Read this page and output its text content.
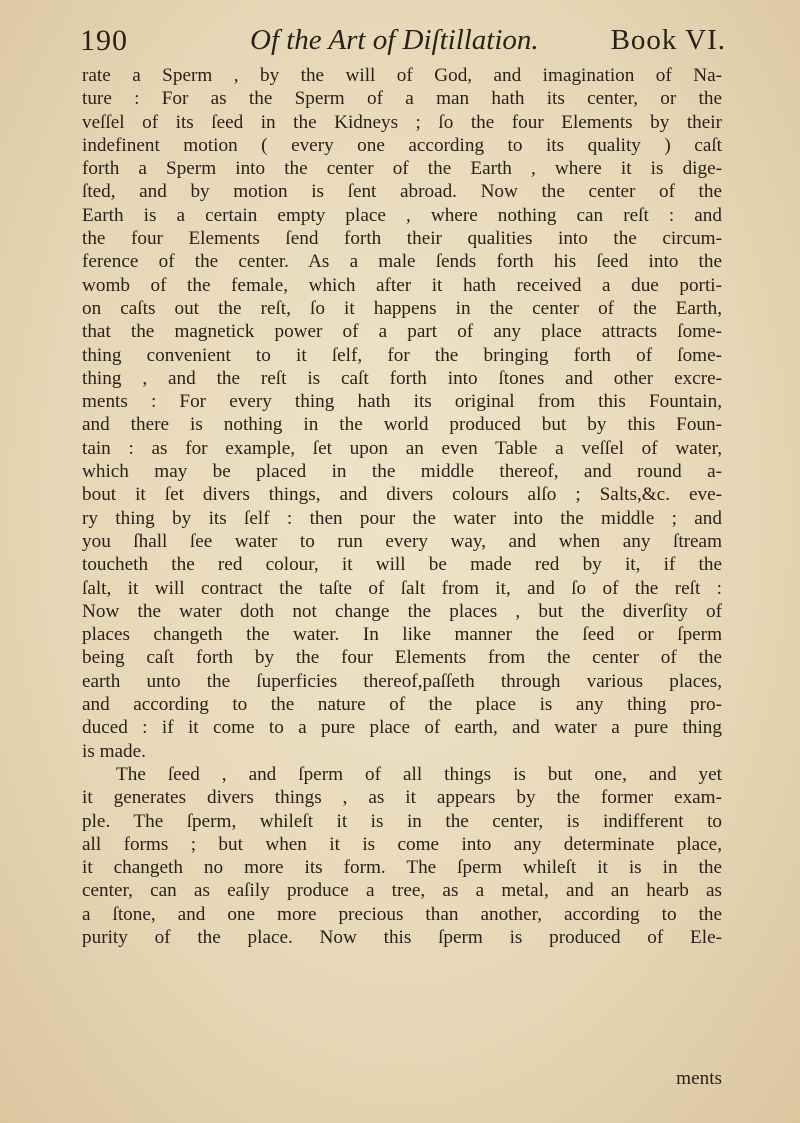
190	Of the Art of Diſtillation. Book VI.
rate a Sperm , by the will of God, and imagination of Na-
ture : For as the Sperm of a man hath its center, or the
veſſel of its ſeed in the Kidneys ; ſo the four Elements by their
indefinent motion ( every one according to its quality ) caſt
forth a Sperm into the center of the Earth , where it is dige-
ſted, and by motion is ſent abroad. Now the center of the
Earth is a certain empty place , where nothing can reſt : and
the four Elements ſend forth their qualities into the circum-
ference of the center. As a male ſends forth his ſeed into the
womb of the female, which after it hath received a due porti-
on caſts out the reſt, ſo it happens in the center of the Earth,
that the magnetick power of a part of any place attracts ſome-
thing convenient to it ſelf, for the bringing forth of ſome-
thing , and the reſt is caſt forth into ſtones and other excre-
ments : For every thing hath its original from this Fountain,
and there is nothing in the world produced but by this Foun-
tain : as for example, ſet upon an even Table a veſſel of water,
which may be placed in the middle thereof, and round a-
bout it ſet divers things, and divers colours alſo ; Salts,&c. eve-
ry thing by its ſelf : then pour the water into the middle ; and
you ſhall ſee water to run every way, and when any ſtream
toucheth the red colour, it will be made red by it, if the
ſalt, it will contract the taſte of ſalt from it, and ſo of the reſt :
Now the water doth not change the places , but the diverſity of
places changeth the water. In like manner the ſeed or ſperm
being caſt forth by the four Elements from the center of the
earth unto the ſuperficies thereof,paſſeth through various places,
and according to the nature of the place is any thing pro-
duced : if it come to a pure place of earth, and water a pure thing
is made.
The ſeed , and ſperm of all things is but one, and yet
it generates divers things , as it appears by the former exam-
ple. The ſperm, whileſt it is in the center, is indifferent to
all forms ; but when it is come into any determinate place,
it changeth no more its form. The ſperm whileſt it is in the
center, can as eaſily produce a tree, as a metal, and an hearb as
a ſtone, and one more precious than another, according to the
purity of the place. Now this ſperm is produced of Ele-
ments
